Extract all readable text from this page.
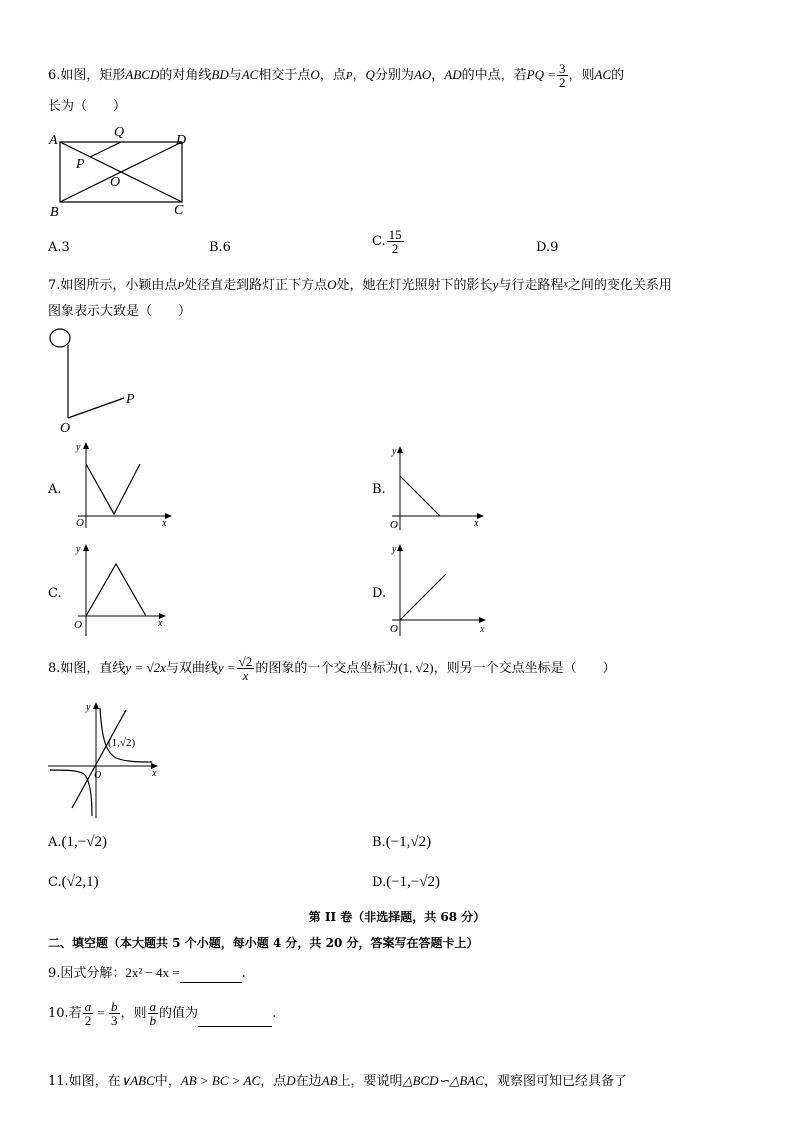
6.如图，矩形ABCD的对角线BD与AC相交于点O，点P，Q分别为AO，AD的中点，若PQ = $\frac{3}{2}$ ，则AC的
长为（　　）
A
Q
D
P
O
B	C
A.3	B.6	C. $\frac{15}{2}$	D.9
7.如图所示，小颖由点P处径直走到路灯正下方点O处，她在灯光照射下的影长y与行走路程$^x$之间的变化关系用
图象表示大致是（　　）
P
O
A.
y
O	x
B.
y
O	x
C.
y
O	x
D.
y
O	x
8.如图，直线y = √2x与双曲线$y = \frac{√2}{x}$ 的图象的一个交点坐标为(1, √2)，则另一个交点坐标是（　　）
y
(1,√2)
O	x
A.(1,−√2)	B.(−1,√2)
C.(√2,1)	D.(−1,−√2)
第 II 卷（非选择题，共 68 分）
二、填空题（本大题共 5 个小题，每小题 4 分，共 20 分，答案写在答题卡上）
9.因式分解：2x² − 4x =	.
10.若 $\frac{a}{2} = \frac{b}{3}$ ，则 $\frac{a}{b}$ 的值为	.
11.如图，在∨ABC中，AB > BC > AC，点D在边AB上，要说明△BCD∽△BAC，观察图可知已经具备了
